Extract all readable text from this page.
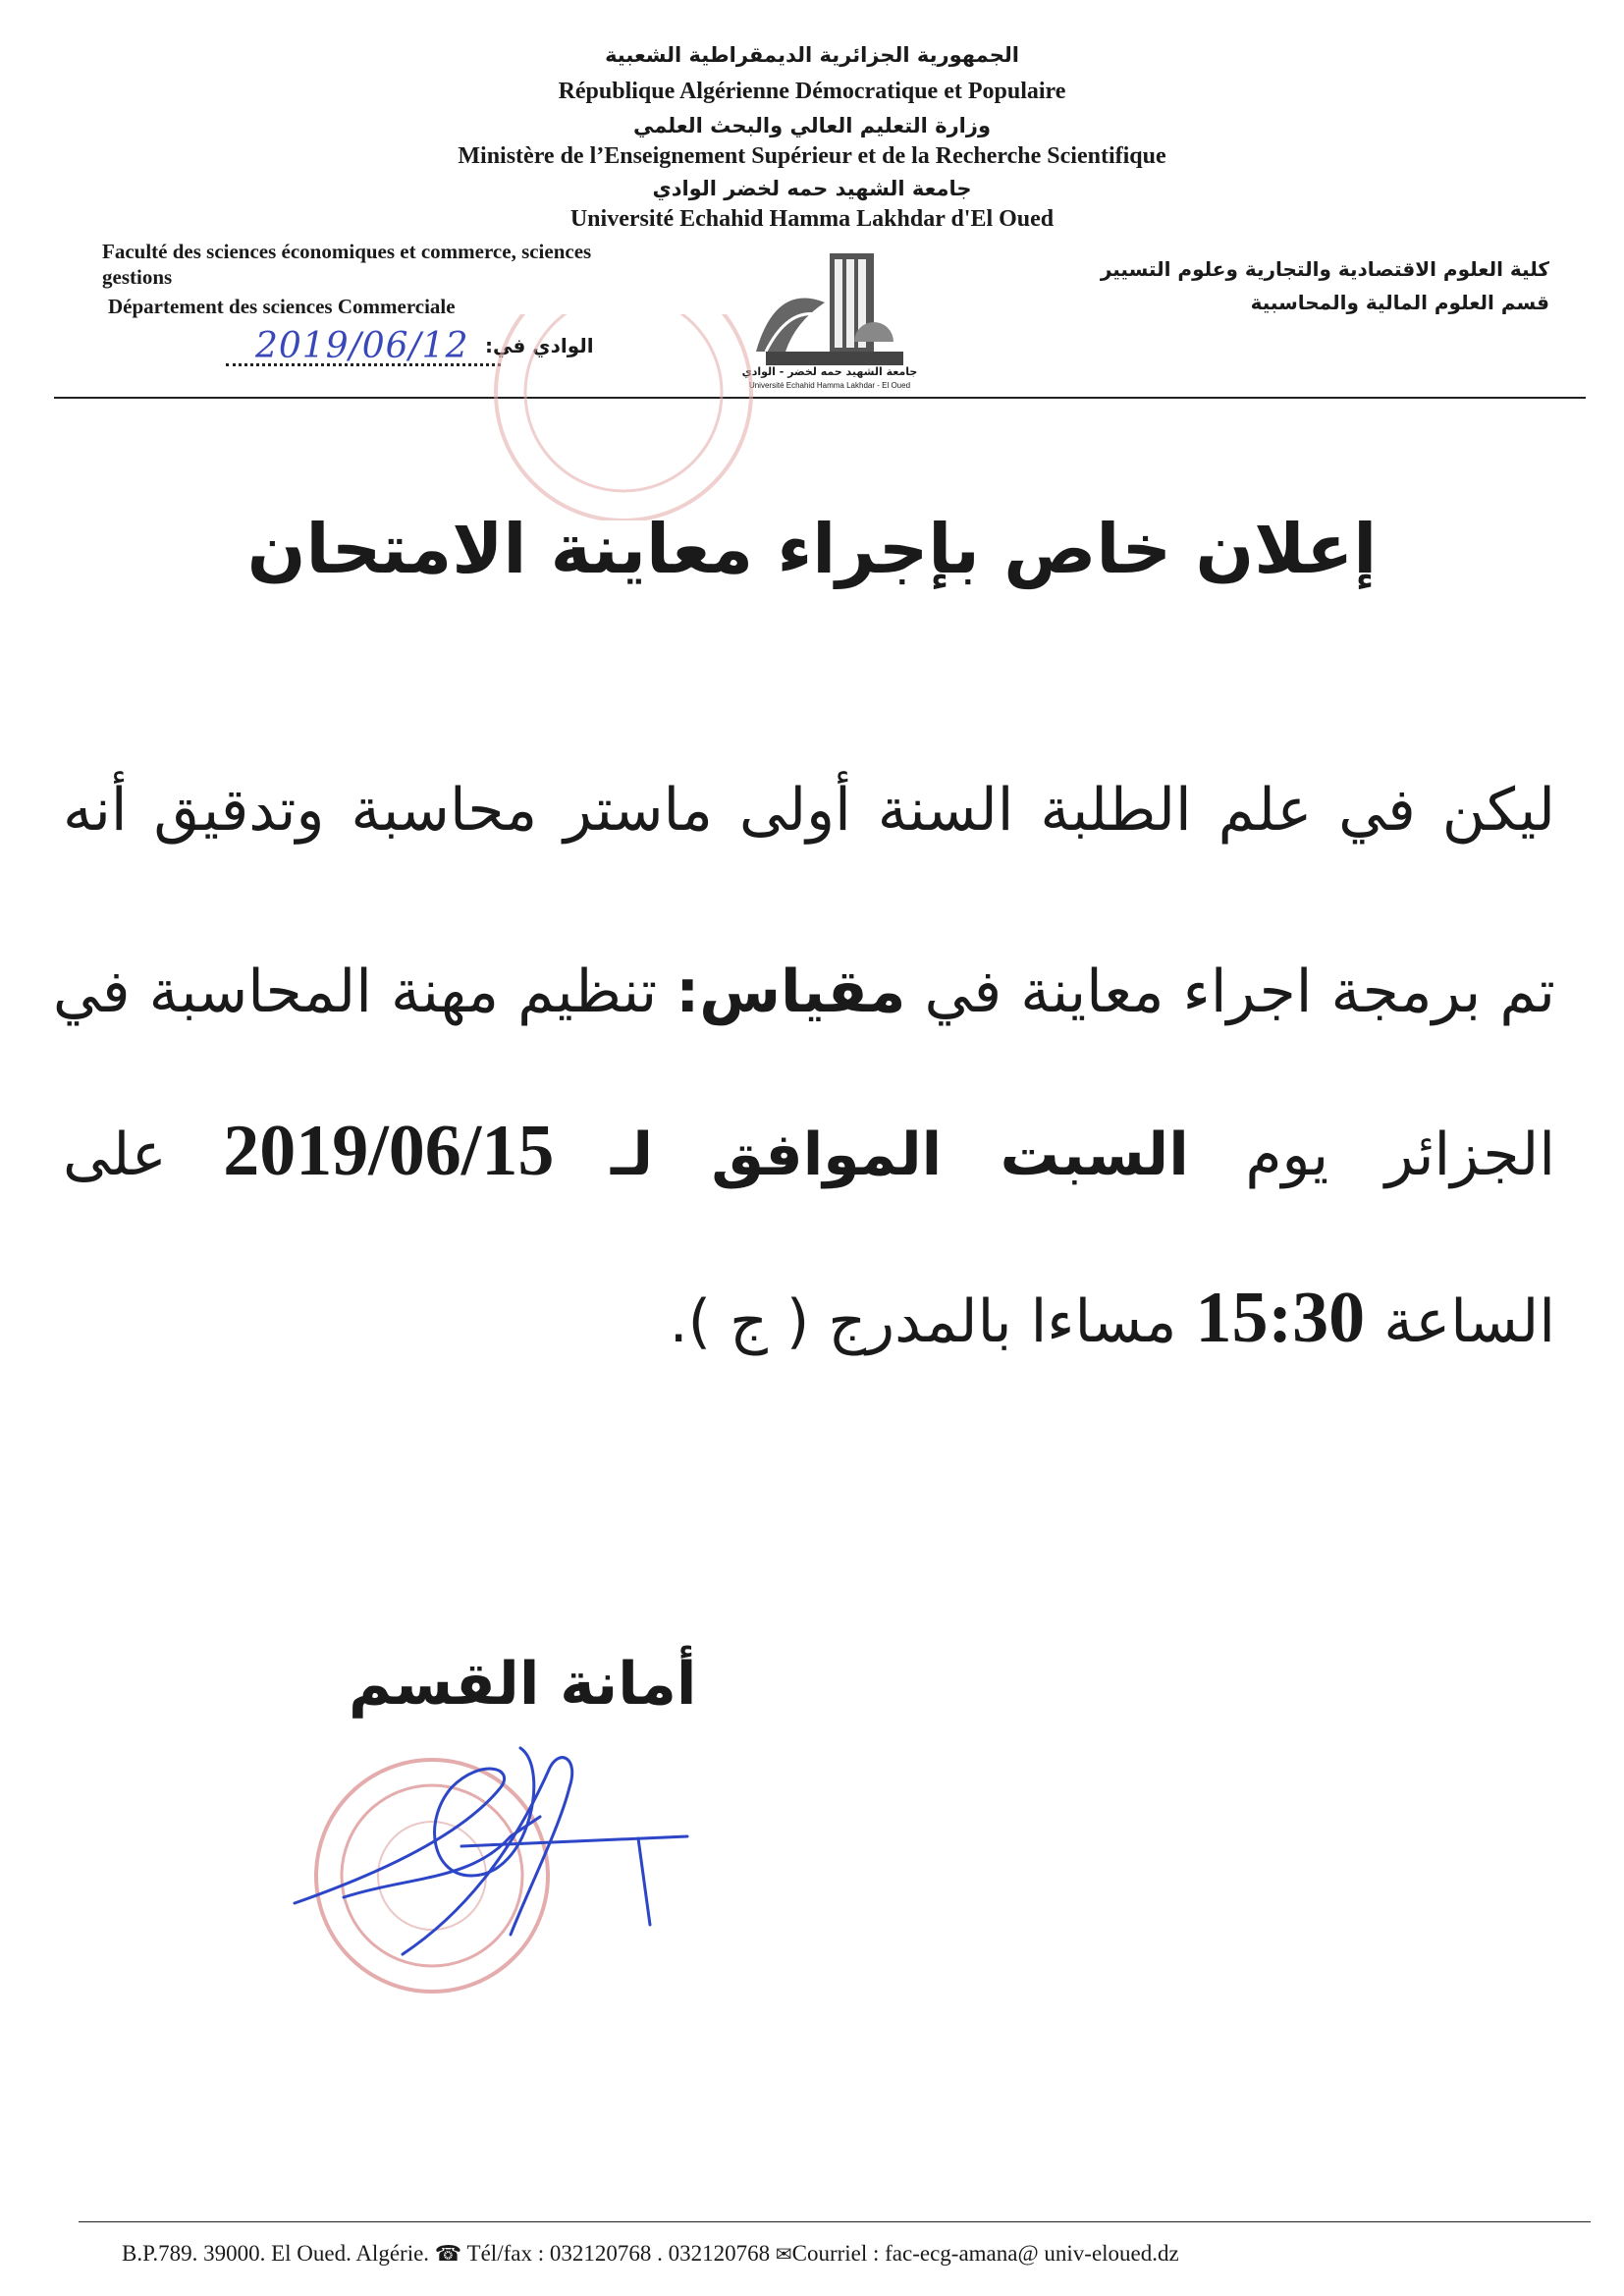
الجمهورية الجزائرية الديمقراطية الشعبية
République Algérienne Démocratique et Populaire
وزارة التعليم العالي والبحث العلمي
Ministère de l’Enseignement Supérieur et de la Recherche Scientifique
جامعة الشهيد حمه لخضر الوادي
Université Echahid Hamma Lakhdar d'El Oued
Faculté des sciences économiques et commerce, sciences
gestions
Département des sciences Commerciale
كلية العلوم الاقتصادية والتجارية وعلوم التسيير
قسم العلوم المالية والمحاسبية
2019/06/12 الوادي في:
جامعة الشهيد حمه لخضر - الوادي
Université Echahid Hamma Lakhdar - El Oued
إعلان خاص بإجراء معاينة الامتحان
ليكن في علم الطلبة السنة أولى ماستر محاسبة وتدقيق أنه
تم برمجة اجراء معاينة في مقياس: تنظيم مهنة المحاسبة في
الجزائر يوم السبت الموافق لـ 2019/06/15 على
الساعة 15:30 مساءا بالمدرج ( ج ).
أمانة القسم
B.P.789. 39000. El Oued. Algérie. ☎ Tél/fax : 032120768 . 032120768 ✉Courriel : fac-ecg-amana@ univ-eloued.dz
